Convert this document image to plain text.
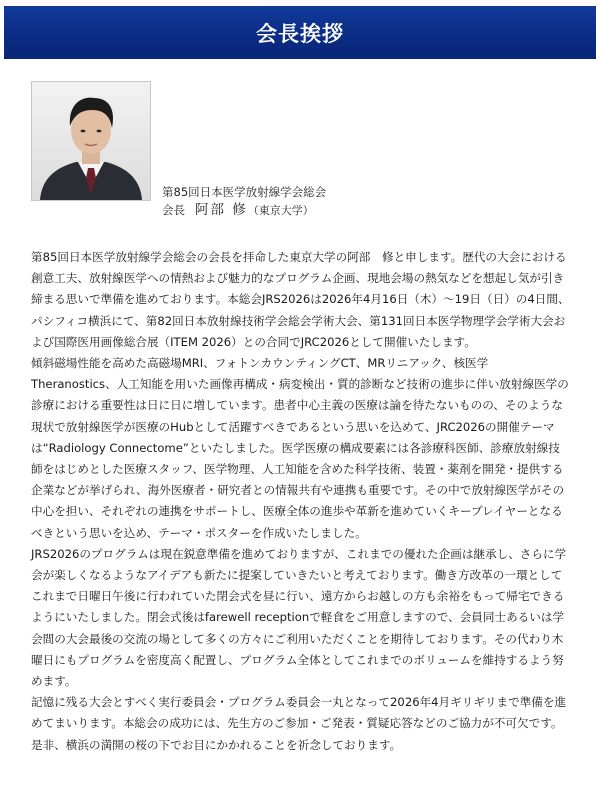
会長挨拶
第85回日本医学放射線学会総会
会長 阿部 修（東京大学）

第85回日本医学放射線学会総会の会長を拝命した東京大学の阿部　修と申します。歴代の大会における創意工夫、放射線医学への情熱および魅力的なプログラム企画、現地会場の熱気などを想起し気が引き締まる思いで準備を進めております。本総会JRS2026は2026年4月16日（木）〜19日（日）の4日間、パシフィコ横浜にて、第82回日本放射線技術学会総会学術大会、第131回日本医学物理学会学術大会および国際医用画像総合展（ITEM 2026）との合同でJRC2026として開催いたします。

傾斜磁場性能を高めた高磁場MRI、フォトンカウンティングCT、MRリニアック、核医学Theranostics、人工知能を用いた画像再構成・病変検出・質的診断など技術の進歩に伴い放射線医学の診療における重要性は日に日に増しています。患者中心主義の医療は論を待たないものの、そのような現状で放射線医学が医療のHubとして活躍すべきであるという思いを込めて、JRC2026の開催テーマは“Radiology Connectome”といたしました。医学医療の構成要素には各診療科医師、診療放射線技師をはじめとした医療スタッフ、医学物理、人工知能を含めた科学技術、装置・薬剤を開発・提供する企業などが挙げられ、海外医療者・研究者との情報共有や連携も重要です。その中で放射線医学がその中心を担い、それぞれの連携をサポートし、医療全体の進歩や革新を進めていくキープレイヤーとなるべきという思いを込め、テーマ・ポスターを作成いたしました。

JRS2026のプログラムは現在鋭意準備を進めておりますが、これまでの優れた企画は継承し、さらに学会が楽しくなるようなアイデアも新たに提案していきたいと考えております。働き方改革の一環としてこれまで日曜日午後に行われていた閉会式を昼に行い、遠方からお越しの方も余裕をもって帰宅できるようにいたしました。閉会式後はfarewell receptionで軽食をご用意しますので、会員同士あるいは学会間の大会最後の交流の場として多くの方々にご利用いただくことを期待しております。その代わり木曜日にもプログラムを密度高く配置し、プログラム全体としてこれまでのボリュームを維持するよう努めます。

記憶に残る大会とすべく実行委員会・プログラム委員会一丸となって2026年4月ギリギリまで準備を進めてまいります。本総会の成功には、先生方のご参加・ご発表・質疑応答などのご協力が不可欠です。是非、横浜の満開の桜の下でお目にかかれることを祈念しております。
